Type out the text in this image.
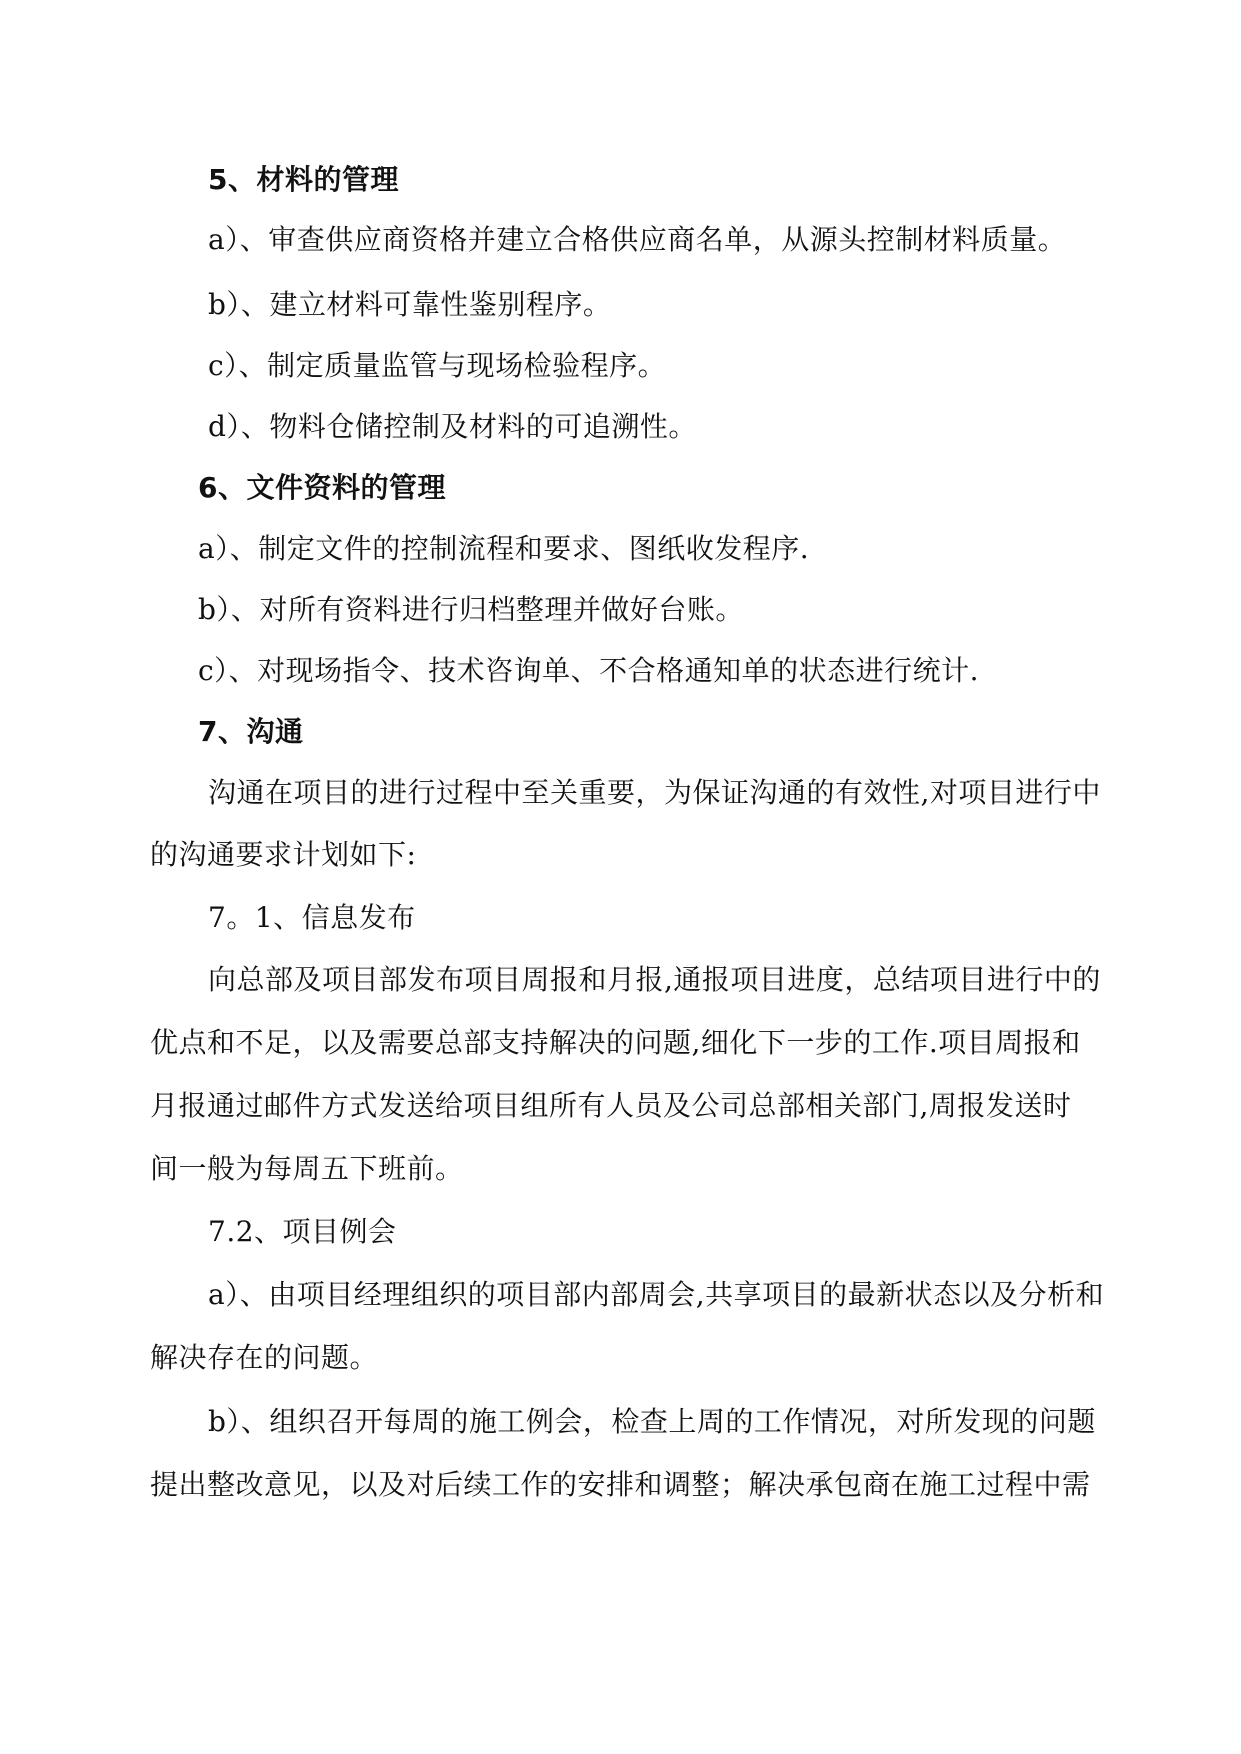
5、材料的管理
a）、审查供应商资格并建立合格供应商名单，从源头控制材料质量。
b）、建立材料可靠性鉴别程序。
c）、制定质量监管与现场检验程序。
d）、物料仓储控制及材料的可追溯性。
6、文件资料的管理
a）、制定文件的控制流程和要求、图纸收发程序.
b）、对所有资料进行归档整理并做好台账。
c）、对现场指令、技术咨询单、不合格通知单的状态进行统计.
7、沟通
沟通在项目的进行过程中至关重要，为保证沟通的有效性,对项目进行中
的沟通要求计划如下:
7。1、信息发布
向总部及项目部发布项目周报和月报,通报项目进度，总结项目进行中的
优点和不足，以及需要总部支持解决的问题,细化下一步的工作.项目周报和
月报通过邮件方式发送给项目组所有人员及公司总部相关部门,周报发送时
间一般为每周五下班前。
7.2、项目例会
a）、由项目经理组织的项目部内部周会,共享项目的最新状态以及分析和
解决存在的问题。
b）、组织召开每周的施工例会，检查上周的工作情况，对所发现的问题
提出整改意见，以及对后续工作的安排和调整；解决承包商在施工过程中需
